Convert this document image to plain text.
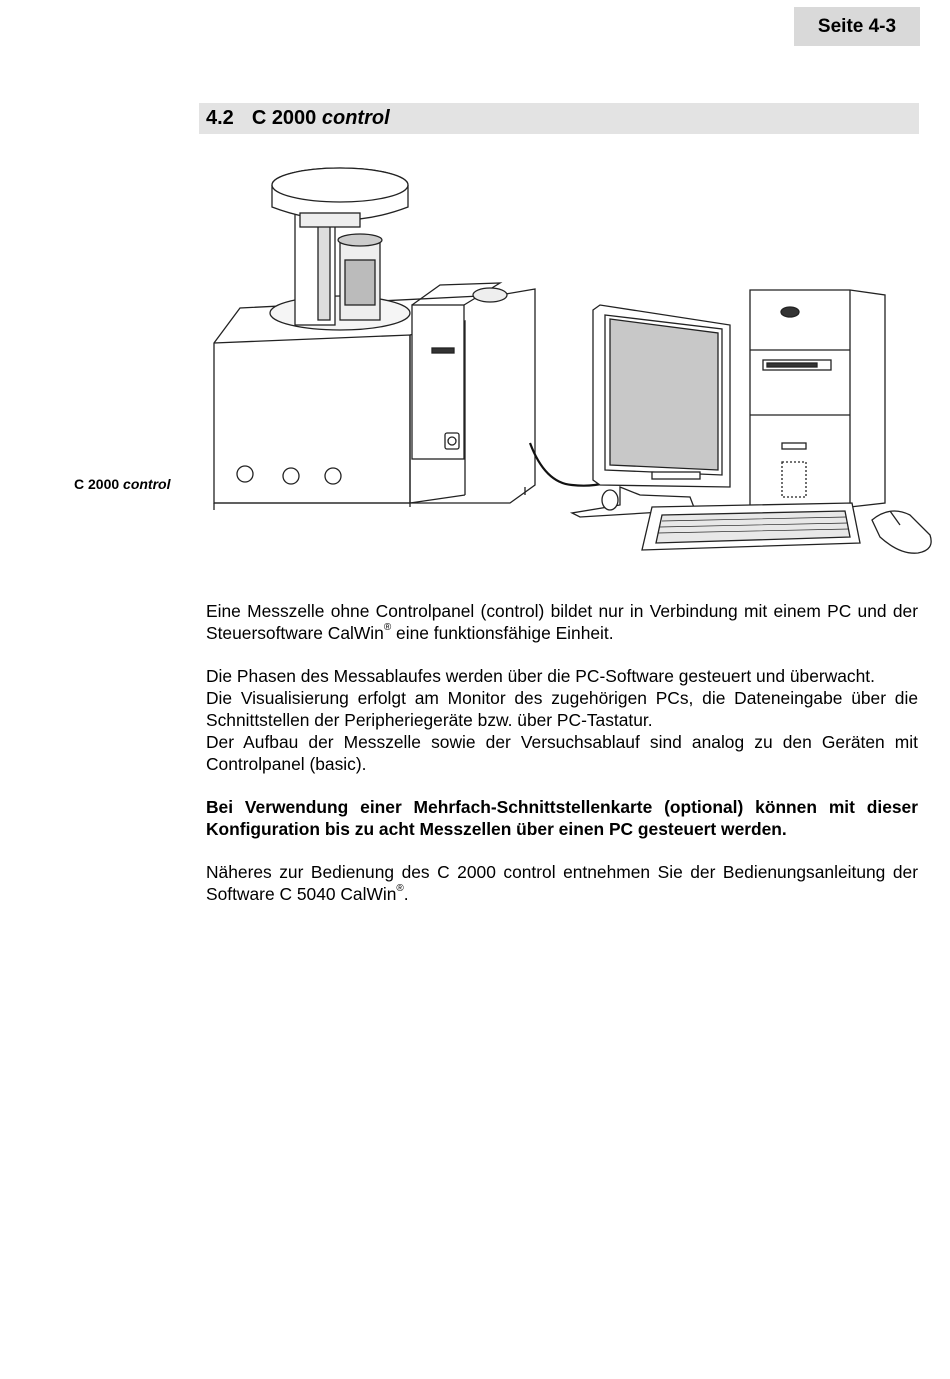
Seite 4-3
4.2 C 2000 control
C 2000 control

Eine Messzelle ohne Controlpanel (control) bildet nur in Verbindung mit einem PC und der Steuersoftware CalWin® eine funktionsfähige Einheit.

Die Phasen des Messablaufes werden über die PC-Software gesteuert und überwacht.

Die Visualisierung erfolgt am Monitor des zugehörigen PCs, die Dateneingabe über die Schnittstellen der Peripheriegeräte bzw. über PC-Tastatur.

Der Aufbau der Messzelle sowie der Versuchsablauf sind analog zu den Geräten mit Controlpanel (basic).

Bei Verwendung einer Mehrfach-Schnittstellenkarte (optional) können mit dieser Konfiguration bis zu acht Messzellen über einen PC gesteuert werden.

Näheres zur Bedienung des C 2000 control entnehmen Sie der Bedienungsanleitung der Software C 5040 CalWin®.
